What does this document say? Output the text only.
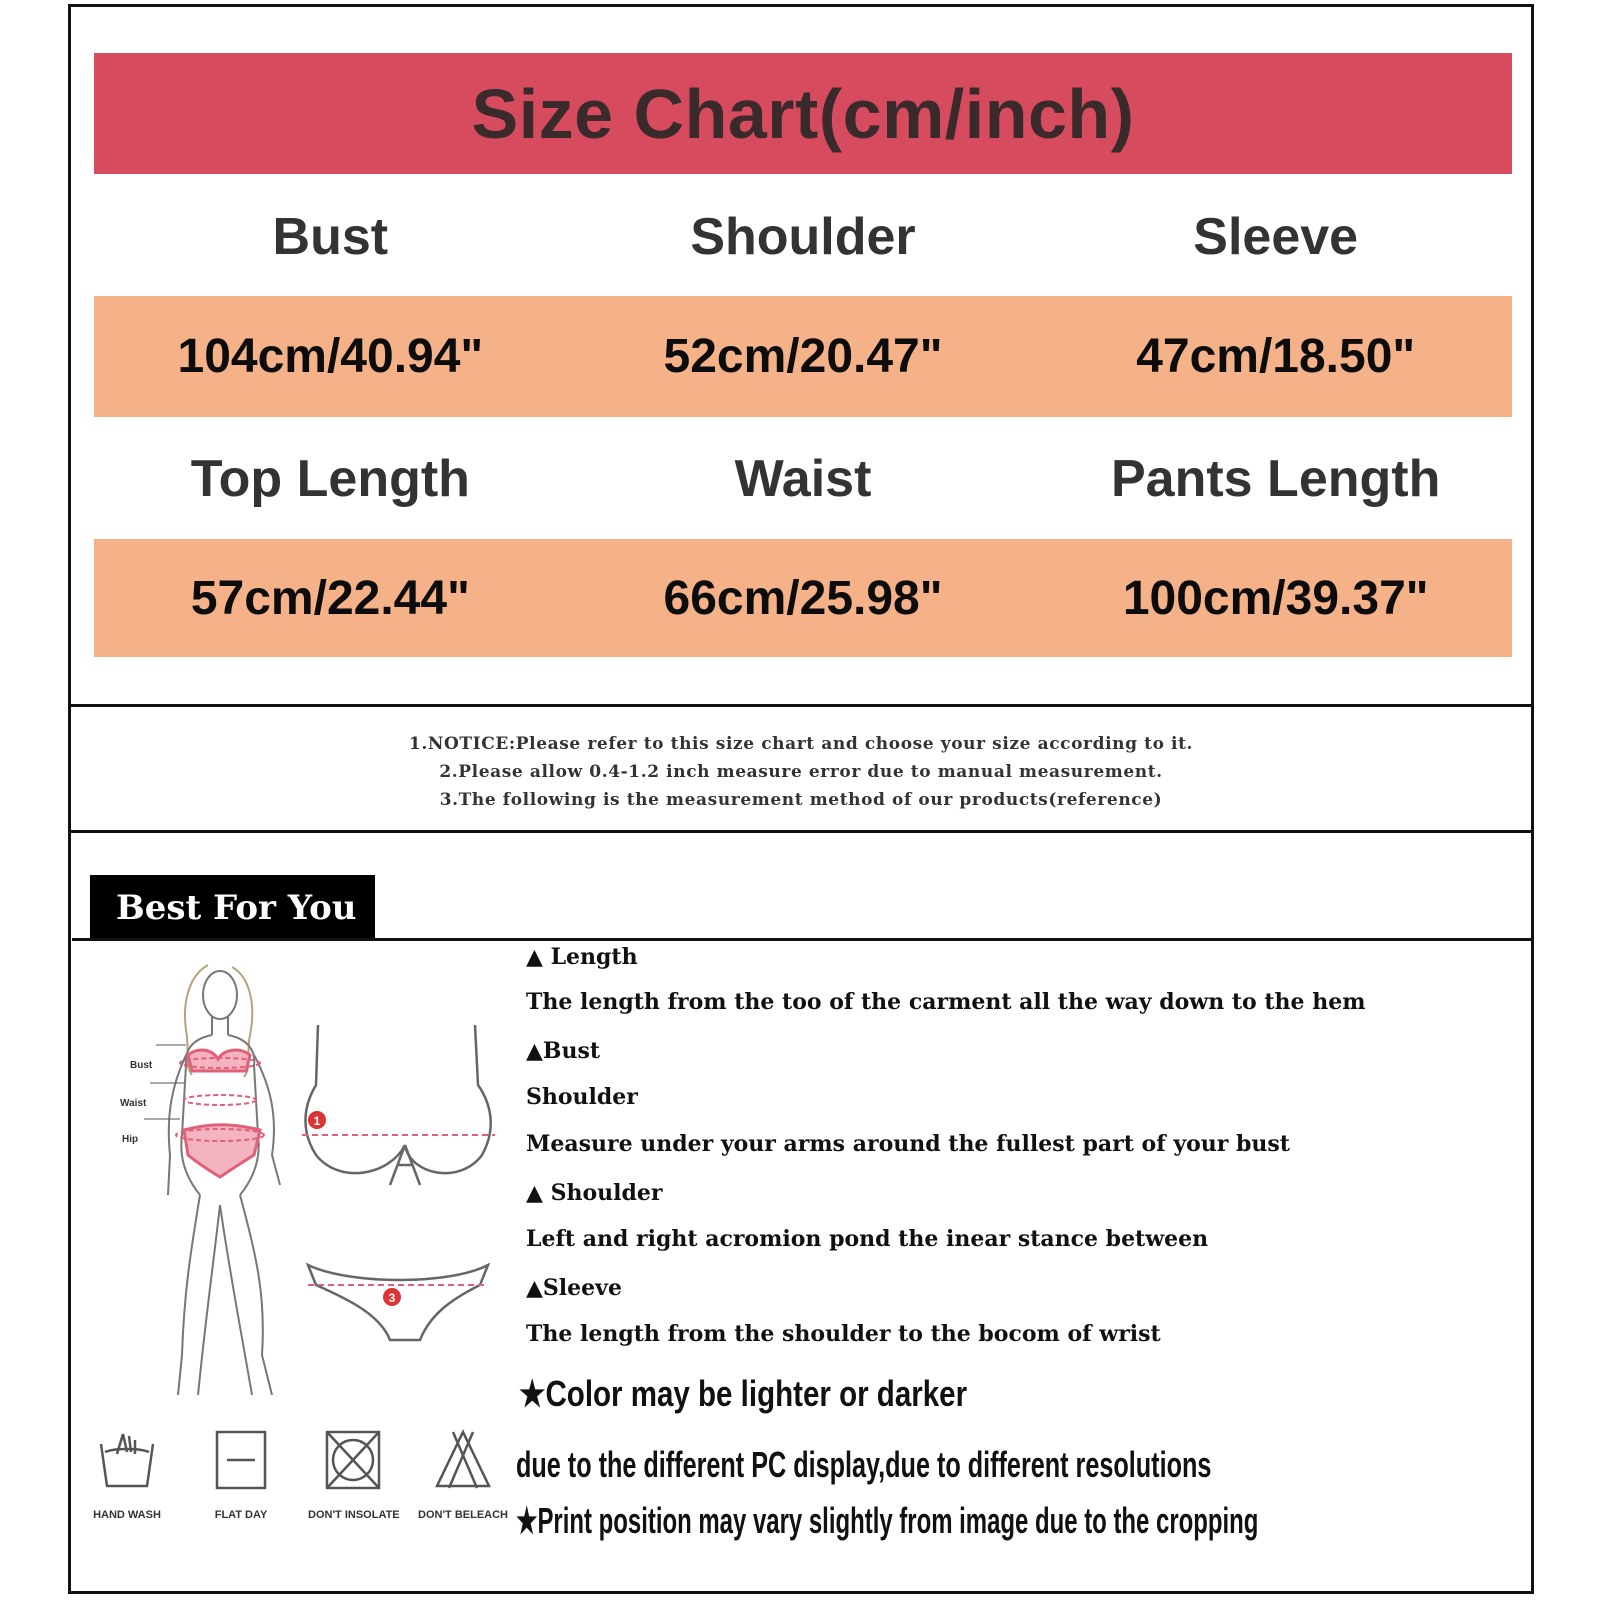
Size Chart(cm/inch)
Bust	Shoulder	Sleeve
104cm/40.94"	52cm/20.47"	47cm/18.50"
Top Length	Waist	Pants Length
57cm/22.44"	66cm/25.98"	100cm/39.37"
1.NOTICE:Please refer to this size chart and choose your size according to it.
2.Please allow 0.4-1.2 inch measure error due to manual measurement.
3.The following is the measurement method of our products(reference)
Best For You
1
3
Bust
Waist
Hip
▲ Length
The length from the too of the carment all the way down to the hem
▲Bust
Shoulder
Measure under your arms around the fullest part of your bust
▲ Shoulder
Left and right acromion pond the inear stance between
▲Sleeve
The length from the shoulder to the bocom of wrist
★Color may be lighter or darker
due to the different PC display,due to different resolutions
★Print position may vary slightly from image due to the cropping
HAND WASH	FLAT DAY	DON'T INSOLATE DON'T BELEACH
